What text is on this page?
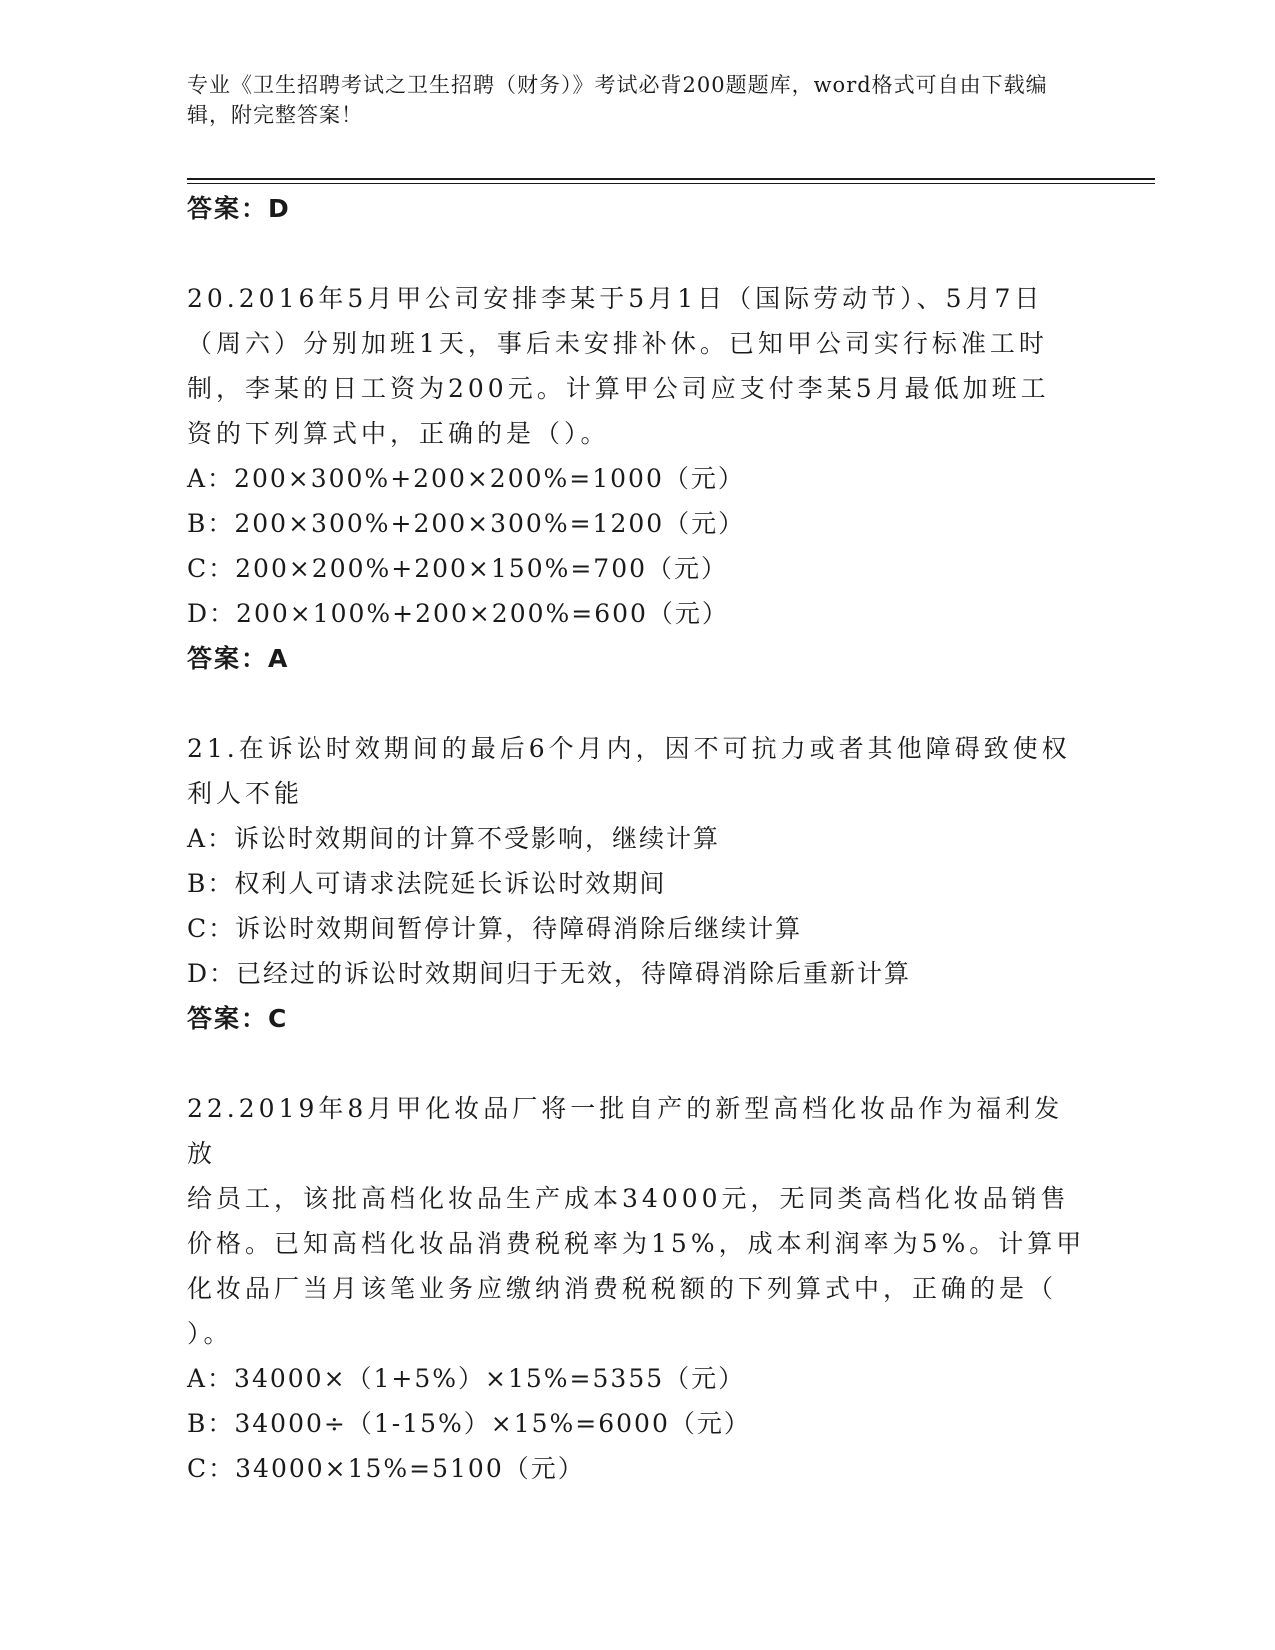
专业《卫生招聘考试之卫生招聘（财务）》考试必背200题题库，word格式可自由下载编辑，附完整答案！
答案：D
20.2016年5月甲公司安排李某于5月1日（国际劳动节）、5月7日
（周六）分别加班1天，事后未安排补休。已知甲公司实行标准工时
制，李某的日工资为200元。计算甲公司应支付李某5月最低加班工
资的下列算式中，正确的是（）。
A：200×300%+200×200%=1000（元）
B：200×300%+200×300%=1200（元）
C：200×200%+200×150%=700（元）
D：200×100%+200×200%=600（元）
答案：A
21.在诉讼时效期间的最后6个月内，因不可抗力或者其他障碍致使权
利人不能
A：诉讼时效期间的计算不受影响，继续计算
B：权利人可请求法院延长诉讼时效期间
C：诉讼时效期间暂停计算，待障碍消除后继续计算
D：已经过的诉讼时效期间归于无效，待障碍消除后重新计算
答案：C
22.2019年8月甲化妆品厂将一批自产的新型高档化妆品作为福利发放
给员工，该批高档化妆品生产成本34000元，无同类高档化妆品销售
价格。已知高档化妆品消费税税率为15%，成本利润率为5%。计算甲
化妆品厂当月该笔业务应缴纳消费税税额的下列算式中，正确的是（
）。
A：34000×（1+5%）×15%=5355（元）
B：34000÷（1-15%）×15%=6000（元）
C：34000×15%=5100（元）
